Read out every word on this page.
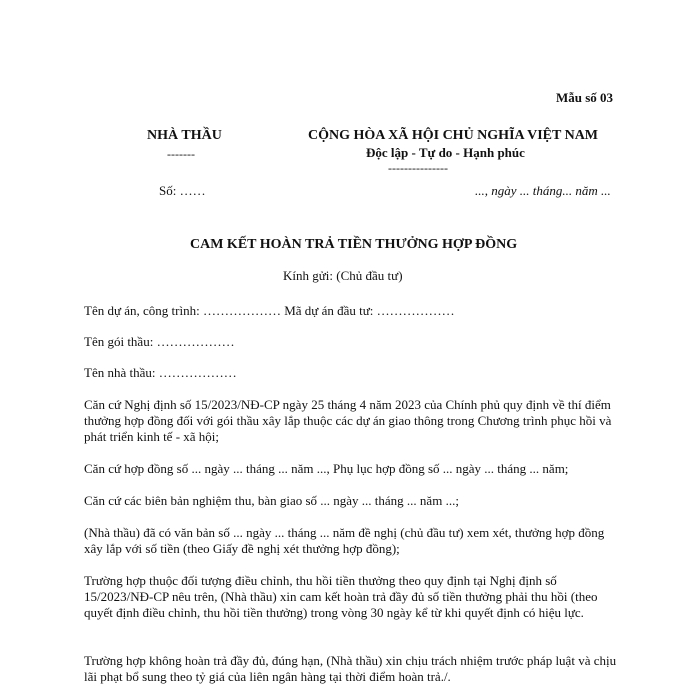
Mẫu số 03
NHÀ THẦU
-------
Số: ……
CỘNG HÒA XÃ HỘI CHỦ NGHĨA VIỆT NAM
Độc lập - Tự do - Hạnh phúc
---------------
..., ngày ... tháng... năm ...
CAM KẾT HOÀN TRẢ TIỀN THƯỞNG HỢP ĐỒNG
Kính gửi: (Chủ đầu tư)
Tên dự án, công trình: ……………… Mã dự án đầu tư: ………………
Tên gói thầu: ………………
Tên nhà thầu: ………………
Căn cứ Nghị định số 15/2023/NĐ-CP ngày 25 tháng 4 năm 2023 của Chính phủ quy định về thí điểm thưởng hợp đồng đối với gói thầu xây lắp thuộc các dự án giao thông trong Chương trình phục hồi và phát triển kinh tế - xã hội;
Căn cứ hợp đồng số ... ngày ... tháng ... năm ..., Phụ lục hợp đồng số ... ngày ... tháng ... năm;
Căn cứ các biên bản nghiệm thu, bàn giao số ... ngày ... tháng ... năm ...;
(Nhà thầu) đã có văn bản số ... ngày ... tháng ... năm đề nghị (chủ đầu tư) xem xét, thưởng hợp đồng xây lắp với số tiền (theo Giấy đề nghị xét thưởng hợp đồng);
Trường hợp thuộc đối tượng điều chỉnh, thu hồi tiền thưởng theo quy định tại Nghị định số 15/2023/NĐ-CP nêu trên, (Nhà thầu) xin cam kết hoàn trả đầy đủ số tiền thưởng phải thu hồi (theo quyết định điều chỉnh, thu hồi tiền thưởng) trong vòng 30 ngày kể từ khi quyết định có hiệu lực.
Trường hợp không hoàn trả đầy đủ, đúng hạn, (Nhà thầu) xin chịu trách nhiệm trước pháp luật và chịu lãi phạt bổ sung theo tỷ giá của liên ngân hàng tại thời điểm hoàn trả./.
